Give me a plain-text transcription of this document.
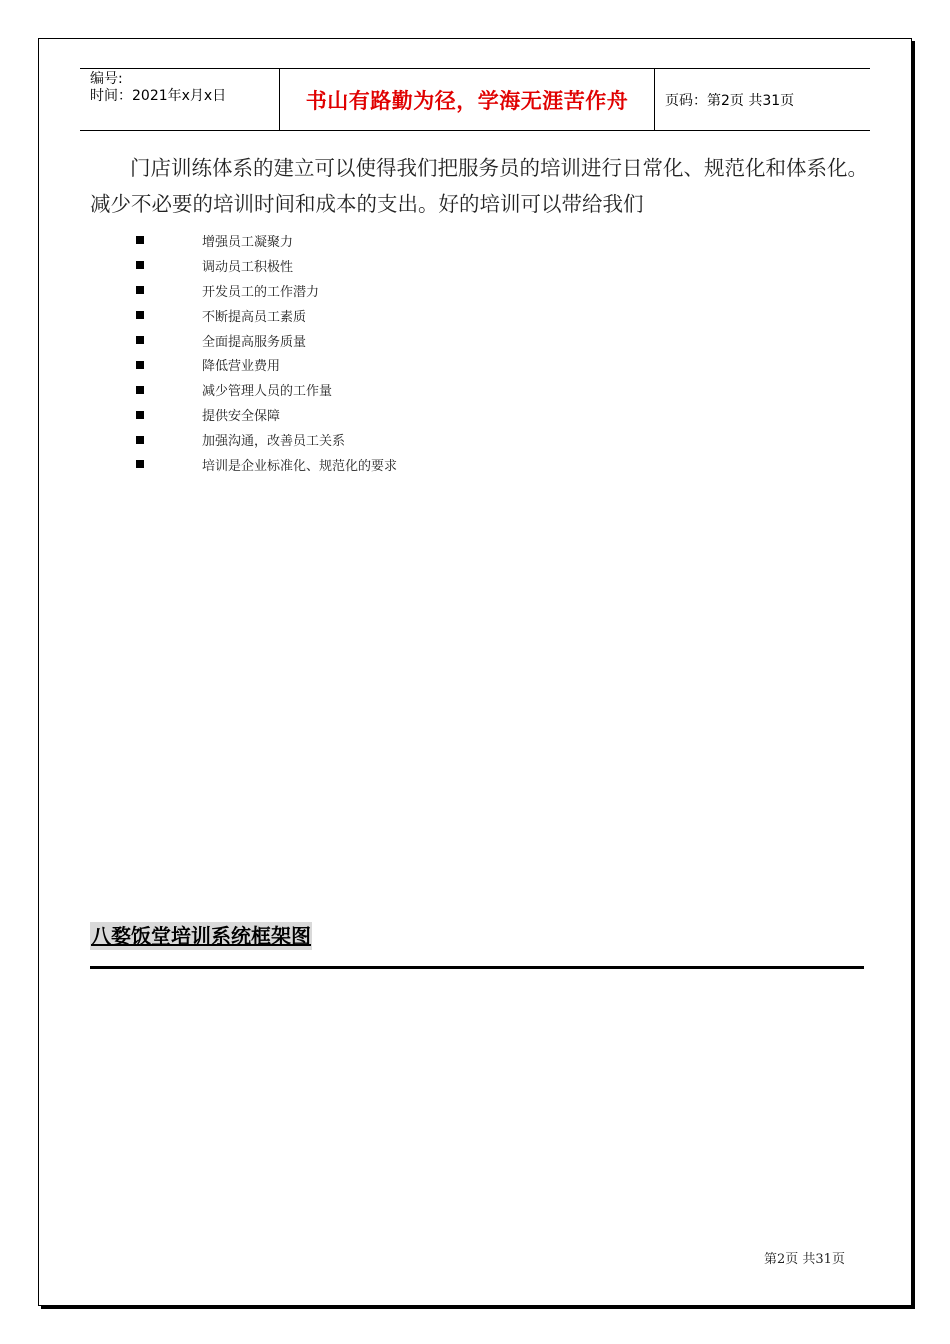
编号:
时间：2021年x月x日	书山有路勤为径，学海无涯苦作舟	页码：第2页 共31页
门店训练体系的建立可以使得我们把服务员的培训进行日常化、规范化和体系化。减少不必要的培训时间和成本的支出。好的培训可以带给我们
增强员工凝聚力
调动员工积极性
开发员工的工作潜力
不断提高员工素质
全面提高服务质量
降低营业费用
减少管理人员的工作量
提供安全保障
加强沟通，改善员工关系
培训是企业标准化、规范化的要求
八婺饭堂培训系统框架图
第2页 共31页
